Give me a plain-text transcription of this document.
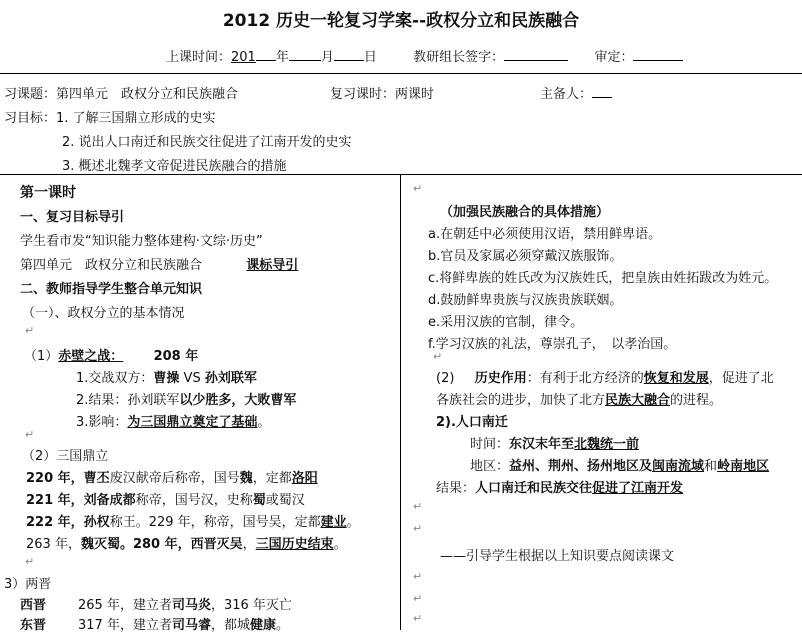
2012 历史一轮复习学案--政权分立和民族融合
上课时间：201 年 月 日	教研组长签字：	审定：
习课题：第四单元　政权分立和民族融合	复习课时：两课时	主备人：
习目标：1. 了解三国鼎立形成的史实
2. 说出人口南迁和民族交往促进了江南开发的史实
3. 概述北魏孝文帝促进民族融合的措施
第一课时
一、复习目标导引
学生看市发“知识能力整体建构·文综·历史”
第四单元　政权分立和民族融合	课标导引
二、教师指导学生整合单元知识
（一）、政权分立的基本情况
（1）赤壁之战： 208 年
1.交战双方：曹操 VS 孙刘联军
2.结果：孙刘联军以少胜多，大败曹军
3.影响：为三国鼎立奠定了基础。
（2）三国鼎立
220 年，曹丕废汉献帝后称帝，国号魏，定都洛阳
221 年，刘备成都称帝，国号汉，史称蜀或蜀汉
222 年，孙权称王。229 年，称帝，国号吴，定都建业。
263 年，魏灭蜀。280 年，西晋灭吴，三国历史结束。
3）两晋
西晋 265 年，建立者司马炎，316 年灭亡
东晋 317 年，建立者司马睿，都城健康。
（加强民族融合的具体措施）
a.在朝廷中必须使用汉语，禁用鲜卑语。
b.官员及家属必须穿戴汉族服饰。
c.将鲜卑族的姓氏改为汉族姓氏，把皇族由姓拓跋改为姓元。
d.鼓励鲜卑贵族与汉族贵族联姻。
e.采用汉族的官制，律令。
f.学习汉族的礼法，尊崇孔子，　以孝治国。
(2) 历史作用：有利于北方经济的恢复和发展，促进了北
各族社会的进步，加快了北方民族大融合的进程。
2).人口南迁
时间：东汉末年至北魏统一前
地区：益州、荆州、扬州地区及闽南流域和岭南地区
结果：人口南迁和民族交往促进了江南开发
——引导学生根据以上知识要点阅读课文
↵
↵
↵
↵
↵
↵
↵
↵
↵
↵
